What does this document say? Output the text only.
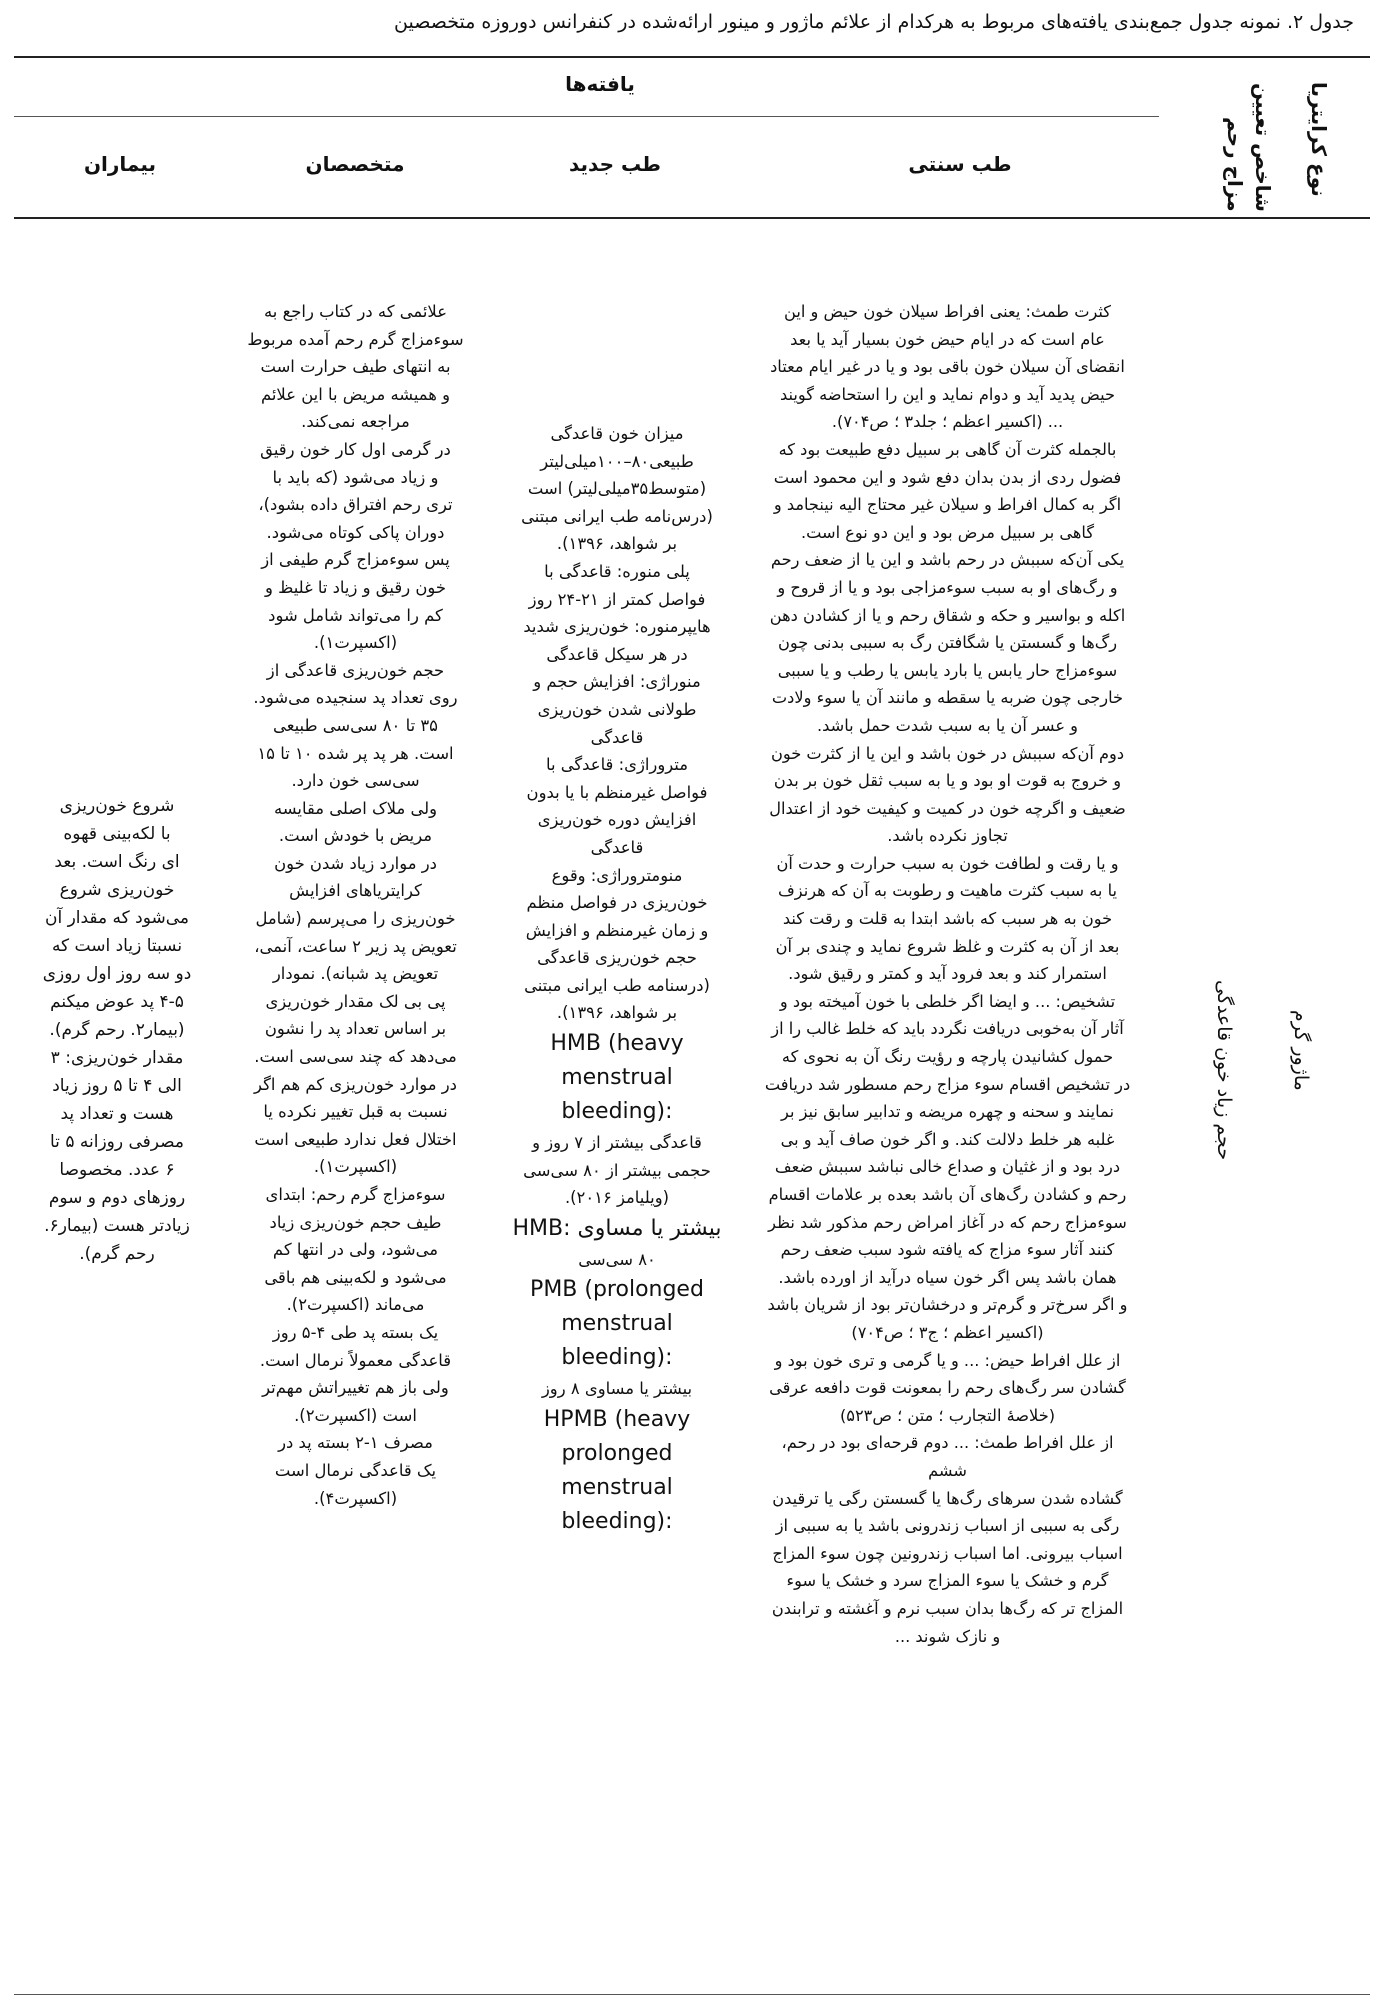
جدول ۲. نمونه جدول جمع‌بندی یافته‌های مربوط به هرکدام از علائم ماژور و مینور ارائه‌شده در کنفرانس دوروزه متخصصین
نوع کرایتریا
شاخص تعیین مزاج رحم
یافته‌ها
طب سنتی
طب جدید
متخصصان
بیماران
ماژور گرم
حجم زیاد خون قاعدگی
کثرت طمث: یعنی افراط سیلان خون حیض و این
عام است که در ایام حیض خون بسیار آید یا بعد
انقضای آن سیلان خون باقی بود و یا در غیر ایام معتاد
حیض پدید آید و دوام نماید و این را استحاضه گویند
... (اکسیر اعظم ؛ جلد۳ ؛ ص۷۰۴).
بالجمله کثرت آن گاهی بر سبیل دفع طبیعت بود که
فضول ردی از بدن بدان دفع شود و این محمود است
اگر به کمال افراط و سیلان غیر محتاج الیه نینجامد و
گاهی بر سبیل مرض بود و این دو نوع است.
یکی آن‌که سببش در رحم باشد و این یا از ضعف رحم
و رگ‌های او به سبب سوءمزاجی بود و یا از قروح و
اکله و بواسیر و حکه و شقاق رحم و یا از کشادن دهن
رگ‌ها و گسستن یا شگافتن رگ به سببی بدنی چون
سوءمزاج حار یابس یا بارد یابس یا رطب و یا سببی
خارجی چون ضربه یا سقطه و مانند آن یا سوء ولادت
و عسر آن یا به سبب شدت حمل باشد.
دوم آن‌که سببش در خون باشد و این یا از کثرت خون
و خروج به قوت او بود و یا به سبب ثقل خون بر بدن
ضعیف و اگرچه خون در کمیت و کیفیت خود از اعتدال
تجاوز نکرده باشد.
و یا رقت و لطافت خون به سبب حرارت و حدت آن
یا به سبب کثرت ماهیت و رطوبت به آن که هرنزف
خون به هر سبب که باشد ابتدا به قلت و رقت کند
بعد از آن به کثرت و غلظ شروع نماید و چندی بر آن
استمرار کند و بعد فرود آید و کمتر و رقیق شود.
تشخیص: ... و ایضا اگر خلطی با خون آمیخته بود و
آثار آن به‌خوبی دریافت نگردد باید که خلط غالب را از
حمول کشانیدن پارچه و رؤیت رنگ آن به نحوی که
در تشخیص اقسام سوء مزاج رحم مسطور شد دریافت
نمایند و سحنه و چهره مریضه و تدابیر سابق نیز بر
غلبه هر خلط دلالت کند. و اگر خون صاف آید و بی
درد بود و از غثیان و صداع خالی نباشد سببش ضعف
رحم و کشادن رگ‌های آن باشد بعده بر علامات اقسام
سوءمزاج رحم که در آغاز امراض رحم مذکور شد نظر
کنند آثار سوء مزاج که یافته شود سبب ضعف رحم
همان باشد پس اگر خون سیاه درآید از اورده باشد.
و اگر سرخ‌تر و گرم‌تر و درخشان‌تر بود از شریان باشد
(اکسیر اعظم ؛ ج۳ ؛ ص۷۰۴)
از علل افراط حیض: ... و یا گرمی و تری خون بود و
گشادن سر رگ‌های رحم را بمعونت قوت دافعه عرقی
(خلاصهٔ التجارب ؛ متن ؛ ص۵۲۳)
از علل افراط طمث: ... دوم قرحه‌ای بود در رحم، ششم
گشاده شدن سرهای رگ‌ها یا گسستن رگی یا ترقیدن
رگی به سببی از اسباب زندرونی باشد یا به سببی از
اسباب بیرونی. اما اسباب زندرونین چون سوء المزاج
گرم و خشک یا سوء المزاج سرد و خشک یا سوء
المزاج تر که رگ‌ها بدان سبب نرم و آغشته و ترابندن
و نازک شوند ...
میزان خون قاعدگی
طبیعی۸۰–۱۰۰میلی‌لیتر
(متوسط۳۵میلی‌لیتر) است
(درس‌نامه طب ایرانی مبتنی
بر شواهد، ۱۳۹۶).
پلی منوره: قاعدگی با
فواصل کمتر از ۲۱-۲۴ روز
هایپرمنوره: خون‌ریزی شدید
در هر سیکل قاعدگی
منوراژی: افزایش حجم و
طولانی شدن خون‌ریزی
قاعدگی
متروراژی: قاعدگی با
فواصل غیرمنظم با یا بدون
افزایش دوره خون‌ریزی
قاعدگی
منومتروراژی: وقوع
خون‌ریزی در فواصل منظم
و زمان غیرمنظم و افزایش
حجم خون‌ریزی قاعدگی
(درسنامه طب ایرانی مبتنی
بر شواهد، ۱۳۹۶).
HMB (heavy
menstrual
bleeding):
قاعدگی بیشتر از ۷ روز و
حجمی بیشتر از ۸۰ سی‌سی
(ویلیامز ۲۰۱۶).
HMB: بیشتر یا مساوی
۸۰ سی‌سی
PMB (prolonged
menstrual
bleeding):
بیشتر یا مساوی ۸ روز
HPMB (heavy
prolonged
menstrual
bleeding):
علائمی که در کتاب راجع به
سوءمزاج گرم رحم آمده مربوط
به انتهای طیف حرارت است
و همیشه مریض با این علائم
مراجعه نمی‌کند.
در گرمی اول کار خون رقیق
و زیاد می‌شود (که باید با
تری رحم افتراق داده بشود)،
دوران پاکی کوتاه می‌شود.
پس سوءمزاج گرم طیفی از
خون رقیق و زیاد تا غلیظ و
کم را می‌تواند شامل شود
(اکسپرت۱).
حجم خون‌ریزی قاعدگی از
روی تعداد پد سنجیده می‌شود.
۳۵ تا ۸۰ سی‌سی طبیعی
است. هر پد پر شده ۱۰ تا ۱۵
سی‌سی خون دارد.
ولی ملاک اصلی مقایسه
مریض با خودش است.
در موارد زیاد شدن خون
کرایتریاهای افزایش
خون‌ریزی را می‌پرسم (شامل
تعویض پد زیر ۲ ساعت، آنمی،
تعویض پد شبانه). نمودار
پی بی لک مقدار خون‌ریزی
بر اساس تعداد پد را نشون
می‌دهد که چند سی‌سی است.
در موارد خون‌ریزی کم هم اگر
نسبت به قبل تغییر نکرده یا
اختلال فعل ندارد طبیعی است
(اکسپرت۱).
سوءمزاج گرم رحم: ابتدای
طیف حجم خون‌ریزی زیاد
می‌شود، ولی در انتها کم
می‌شود و لکه‌بینی هم باقی
می‌ماند (اکسپرت۲).
یک بسته پد طی ۴-۵ روز
قاعدگی معمولاً نرمال است.
ولی باز هم تغییراتش مهم‌تر
است (اکسپرت۲).
مصرف ۱-۲ بسته پد در
یک قاعدگی نرمال است
(اکسپرت۴).
شروع خون‌ریزی
با لکه‌بینی قهوه
ای رنگ است. بعد
خون‌ریزی شروع
می‌شود که مقدار آن
نسبتا زیاد است که
دو سه روز اول روزی
۴-۵ پد عوض میکنم
(بیمار۲. رحم گرم).
مقدار خون‌ریزی: ۳
الی ۴ تا ۵ روز زیاد
هست و تعداد پد
مصرفی روزانه ۵ تا
۶ عدد. مخصوصا
روزهای دوم و سوم
زیادتر هست (بیمار۶.
رحم گرم).
